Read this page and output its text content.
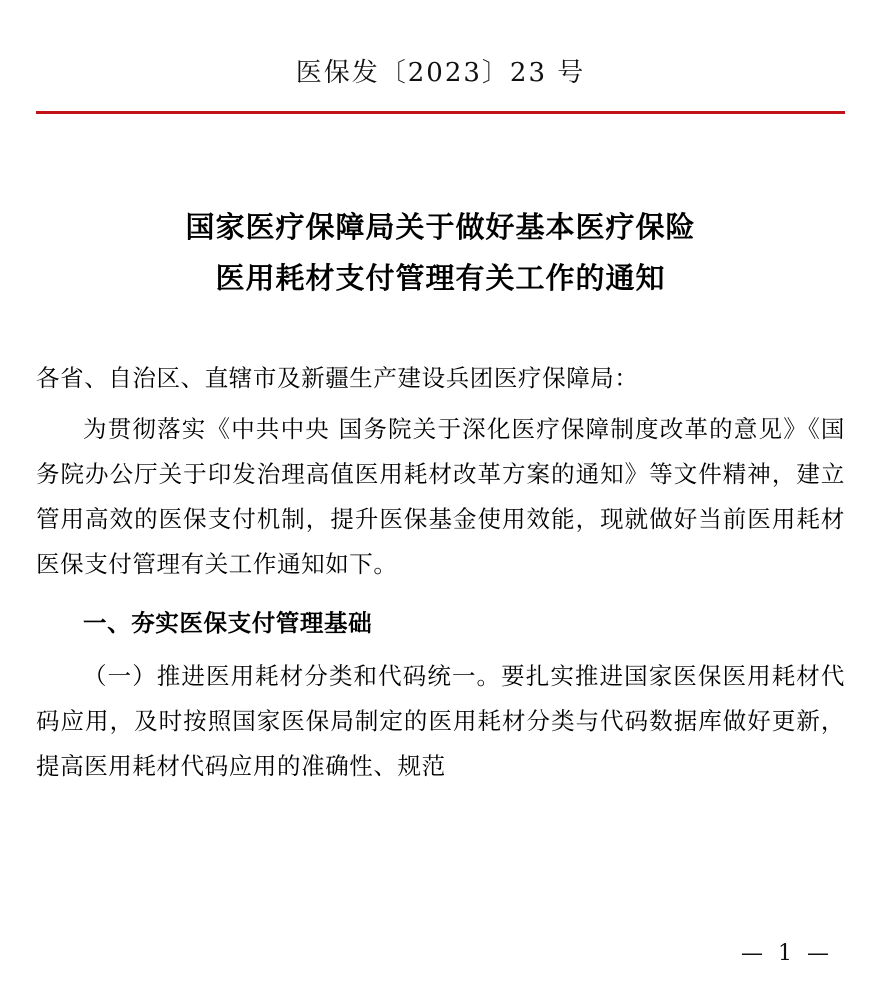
医保发〔2023〕23 号
国家医疗保障局关于做好基本医疗保险
医用耗材支付管理有关工作的通知

各省、自治区、直辖市及新疆生产建设兵团医疗保障局：

为贯彻落实《中共中央 国务院关于深化医疗保障制度改革的意见》《国务院办公厅关于印发治理高值医用耗材改革方案的通知》等文件精神，建立管用高效的医保支付机制，提升医保基金使用效能，现就做好当前医用耗材医保支付管理有关工作通知如下。

一、夯实医保支付管理基础

（一）推进医用耗材分类和代码统一。要扎实推进国家医保医用耗材代码应用，及时按照国家医保局制定的医用耗材分类与代码数据库做好更新，提高医用耗材代码应用的准确性、规范

— 1 —
